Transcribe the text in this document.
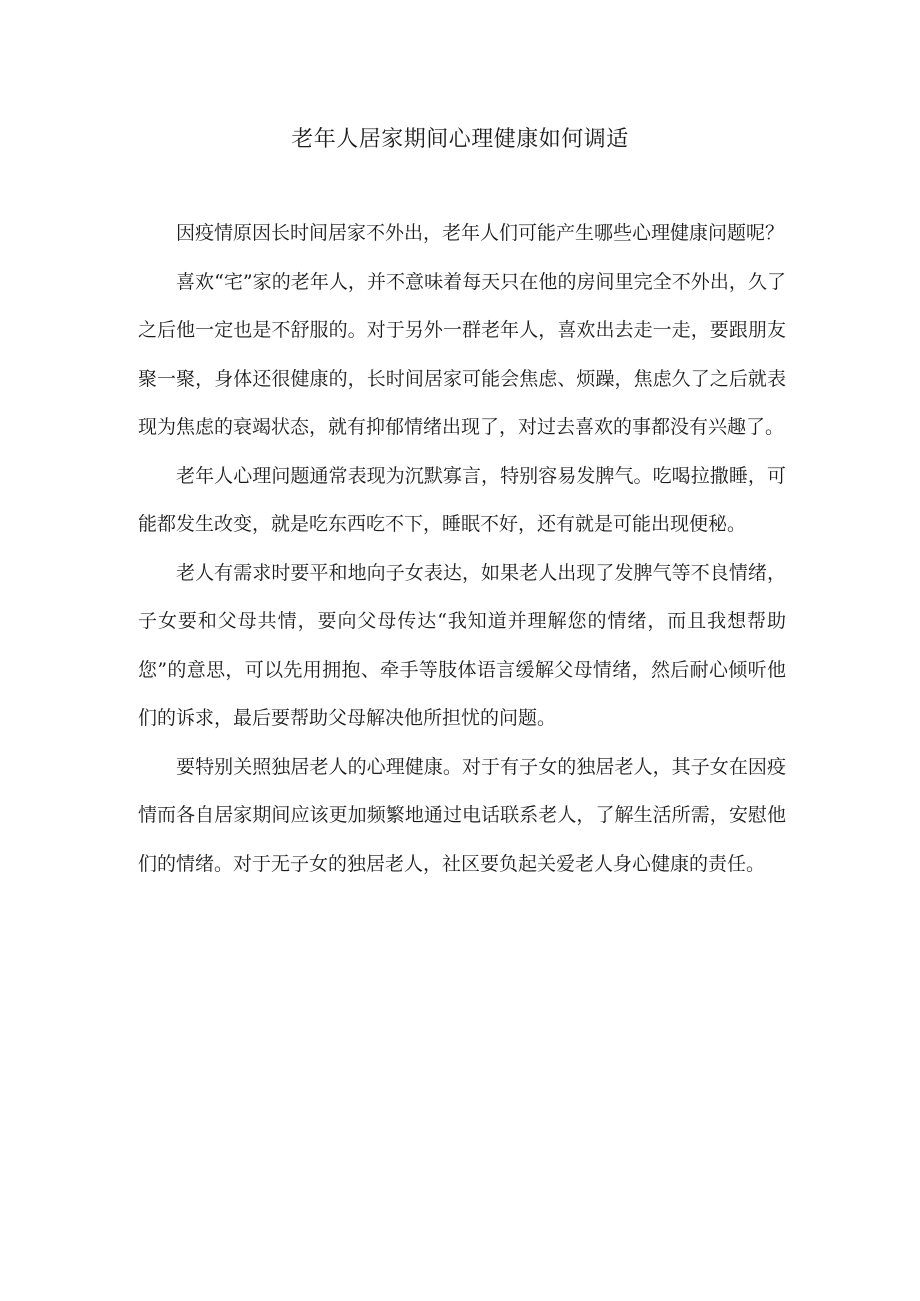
老年人居家期间心理健康如何调适

因疫情原因长时间居家不外出，老年人们可能产生哪些心理健康问题呢？

喜欢“宅”家的老年人，并不意味着每天只在他的房间里完全不外出，久了之后他一定也是不舒服的。对于另外一群老年人，喜欢出去走一走，要跟朋友聚一聚，身体还很健康的，长时间居家可能会焦虑、烦躁，焦虑久了之后就表现为焦虑的衰竭状态，就有抑郁情绪出现了，对过去喜欢的事都没有兴趣了。

老年人心理问题通常表现为沉默寡言，特别容易发脾气。吃喝拉撒睡，可能都发生改变，就是吃东西吃不下，睡眠不好，还有就是可能出现便秘。

老人有需求时要平和地向子女表达，如果老人出现了发脾气等不良情绪，子女要和父母共情，要向父母传达“我知道并理解您的情绪，而且我想帮助您”的意思，可以先用拥抱、牵手等肢体语言缓解父母情绪，然后耐心倾听他们的诉求，最后要帮助父母解决他所担忧的问题。

要特别关照独居老人的心理健康。对于有子女的独居老人，其子女在因疫情而各自居家期间应该更加频繁地通过电话联系老人，了解生活所需，安慰他们的情绪。对于无子女的独居老人，社区要负起关爱老人身心健康的责任。
